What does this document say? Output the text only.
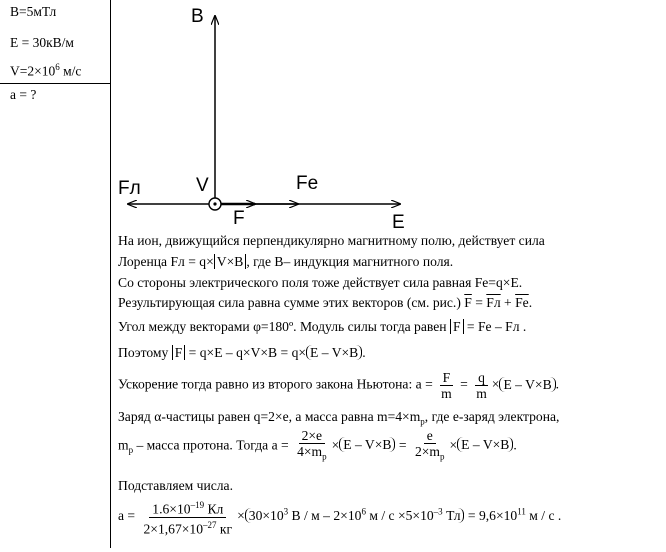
B=5мТл
E = 30кВ/м
$V=2\times 10^6$ м/с
a = ?
B
Fл	V	Fe
F	E
На ион, движущийся перпендикулярно магнитному полю, действует сила
Лоренца Fл = q× V×B , где B– индукция магнитного поля.
Со стороны электрического поля тоже действует сила равная Fe=q×E.
Результирующая сила равна сумме этих векторов (см. рис.) $\overline{F}$ = Fл + $\overline{Fe}$.
Угол между векторами φ=180º. Модуль силы тогда равен F = Fe – Fл .
Поэтому F = q×E – q×V×B = q× E – V×B .
Ускорение тогда равно из второго закона Ньютона: $a = \frac{F}{m} = \frac{q}{m} \times E - V\times B$ .
Заряд α-частицы равен q=2×e, а масса равна $m=4\times m_p$, где e-заряд электрона,
$m_p$ – масса протона. Тогда $a = \frac{2\times e}{4\times m_p} \times E - V\times B = \frac{e}{2\times m_p} \times E - V\times B$ .
Подставляем числа.
$a = \frac{1.6\times 10^{-19} Кл}{2\times 1,67\times 10^{-27} кг} \times 30\times 10^3$ $В / м - 2\times 10^6$ $м / с \times 5\times 10^{-3}$ Тл = $9,6\times 10^{11}$ м / с .
